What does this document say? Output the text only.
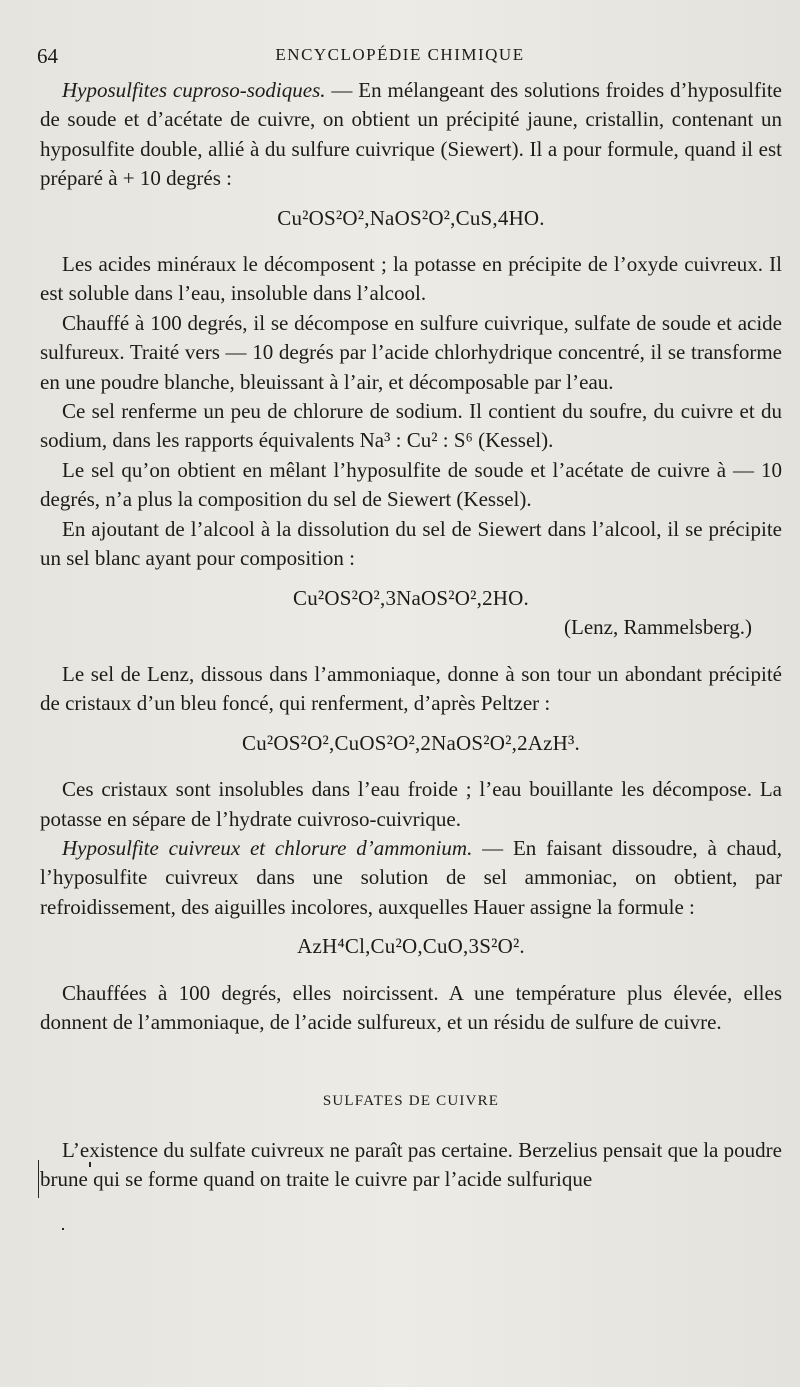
64	ENCYCLOPÉDIE CHIMIQUE

Hyposulfites cuproso-sodiques. — En mélangeant des solutions froides d’hyposulfite de soude et d’acétate de cuivre, on obtient un précipité jaune, cristallin, contenant un hyposulfite double, allié à du sulfure cuivrique (Siewert). Il a pour formule, quand il est préparé à + 10 degrés :

Cu²OS²O²,NaOS²O²,CuS,4HO.

Les acides minéraux le décomposent ; la potasse en précipite de l’oxyde cuivreux. Il est soluble dans l’eau, insoluble dans l’alcool.

Chauffé à 100 degrés, il se décompose en sulfure cuivrique, sulfate de soude et acide sulfureux. Traité vers — 10 degrés par l’acide chlorhydrique concentré, il se transforme en une poudre blanche, bleuissant à l’air, et décomposable par l’eau.

Ce sel renferme un peu de chlorure de sodium. Il contient du soufre, du cuivre et du sodium, dans les rapports équivalents Na³ : Cu² : S⁶ (Kessel).

Le sel qu’on obtient en mêlant l’hyposulfite de soude et l’acétate de cuivre à — 10 degrés, n’a plus la composition du sel de Siewert (Kessel).

En ajoutant de l’alcool à la dissolution du sel de Siewert dans l’alcool, il se précipite un sel blanc ayant pour composition :

Cu²OS²O²,3NaOS²O²,2HO.
(Lenz, Rammelsberg.)

Le sel de Lenz, dissous dans l’ammoniaque, donne à son tour un abondant précipité de cristaux d’un bleu foncé, qui renferment, d’après Peltzer :

Cu²OS²O²,CuOS²O²,2NaOS²O²,2AzH³.

Ces cristaux sont insolubles dans l’eau froide ; l’eau bouillante les décompose. La potasse en sépare de l’hydrate cuivroso-cuivrique.

Hyposulfite cuivreux et chlorure d’ammonium. — En faisant dissoudre, à chaud, l’hyposulfite cuivreux dans une solution de sel ammoniac, on obtient, par refroidissement, des aiguilles incolores, auxquelles Hauer assigne la formule :

AzH⁴Cl,Cu²O,CuO,3S²O².

Chauffées à 100 degrés, elles noircissent. A une température plus élevée, elles donnent de l’ammoniaque, de l’acide sulfureux, et un résidu de sulfure de cuivre.

SULFATES DE CUIVRE

L’existence du sulfate cuivreux ne paraît pas certaine. Berzelius pensait que la poudre brune qui se forme quand on traite le cuivre par l’acide sulfurique
